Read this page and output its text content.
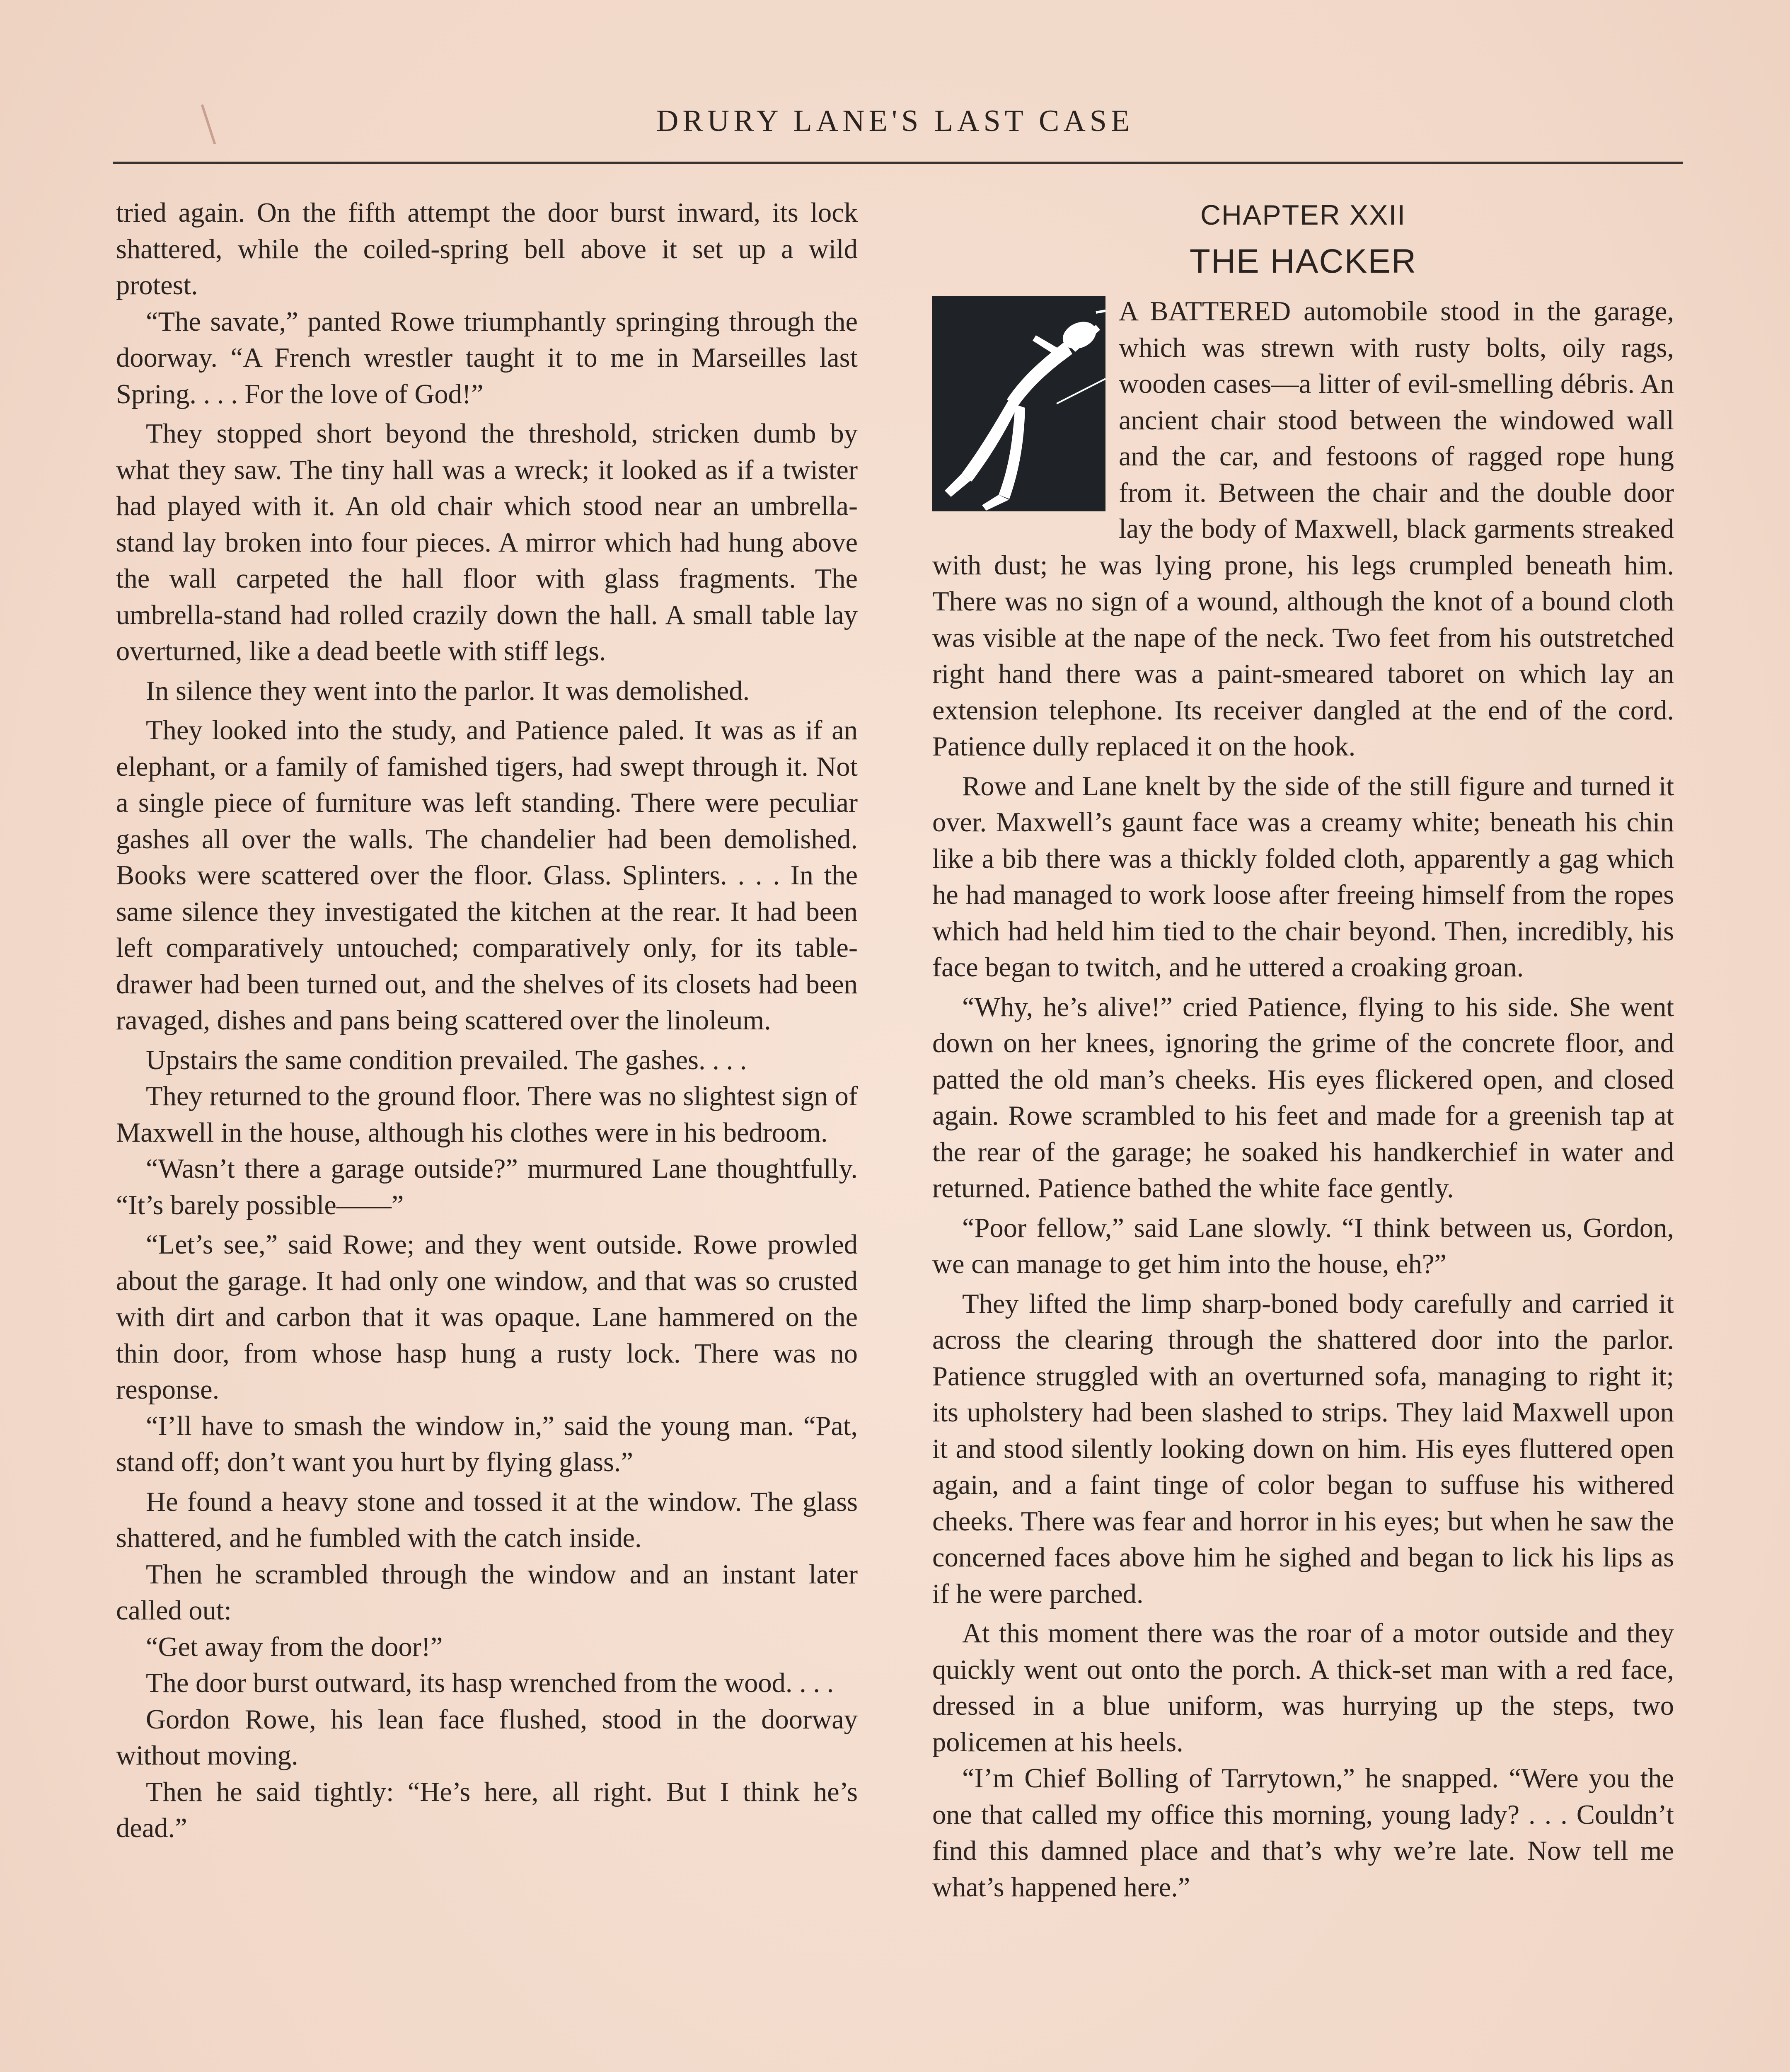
DRURY LANE'S LAST CASE

tried again. On the fifth attempt the door burst inward, its lock shattered, while the coiled-spring bell above it set up a wild protest.

“The savate,” panted Rowe triumphantly springing through the doorway. “A French wrestler taught it to me in Marseilles last Spring. . . . For the love of God!”

They stopped short beyond the threshold, stricken dumb by what they saw. The tiny hall was a wreck; it looked as if a twister had played with it. An old chair which stood near an umbrella-stand lay broken into four pieces. A mirror which had hung above the wall carpeted the hall floor with glass fragments. The umbrella-stand had rolled crazily down the hall. A small table lay overturned, like a dead beetle with stiff legs.

In silence they went into the parlor. It was demolished.

They looked into the study, and Patience paled. It was as if an elephant, or a family of famished tigers, had swept through it. Not a single piece of furniture was left standing. There were peculiar gashes all over the walls. The chandelier had been demolished. Books were scattered over the floor. Glass. Splinters. . . . In the same silence they investigated the kitchen at the rear. It had been left comparatively untouched; comparatively only, for its table-drawer had been turned out, and the shelves of its closets had been ravaged, dishes and pans being scattered over the linoleum.

Upstairs the same condition prevailed. The gashes. . . .

They returned to the ground floor. There was no slightest sign of Maxwell in the house, although his clothes were in his bedroom.

“Wasn’t there a garage outside?” murmured Lane thoughtfully. “It’s barely possible——”

“Let’s see,” said Rowe; and they went outside. Rowe prowled about the garage. It had only one window, and that was so crusted with dirt and carbon that it was opaque. Lane hammered on the thin door, from whose hasp hung a rusty lock. There was no response.

“I’ll have to smash the window in,” said the young man. “Pat, stand off; don’t want you hurt by flying glass.”

He found a heavy stone and tossed it at the window. The glass shattered, and he fumbled with the catch inside.

Then he scrambled through the window and an instant later called out:

“Get away from the door!”

The door burst outward, its hasp wrenched from the wood. . . .

Gordon Rowe, his lean face flushed, stood in the doorway without moving.

Then he said tightly: “He’s here, all right. But I think he’s dead.”

CHAPTER XXII
THE HACKER

A BATTERED automobile stood in the garage, which was strewn with rusty bolts, oily rags, wooden cases—a litter of evil-smelling débris. An ancient chair stood between the windowed wall and the car, and festoons of ragged rope hung from it. Between the chair and the double door lay the body of Maxwell, black garments streaked with dust; he was lying prone, his legs crumpled beneath him. There was no sign of a wound, although the knot of a bound cloth was visible at the nape of the neck. Two feet from his outstretched right hand there was a paint-smeared taboret on which lay an extension telephone. Its receiver dangled at the end of the cord. Patience dully replaced it on the hook.

Rowe and Lane knelt by the side of the still figure and turned it over. Maxwell’s gaunt face was a creamy white; beneath his chin like a bib there was a thickly folded cloth, apparently a gag which he had managed to work loose after freeing himself from the ropes which had held him tied to the chair beyond. Then, incredibly, his face began to twitch, and he uttered a croaking groan.

“Why, he’s alive!” cried Patience, flying to his side. She went down on her knees, ignoring the grime of the concrete floor, and patted the old man’s cheeks. His eyes flickered open, and closed again. Rowe scrambled to his feet and made for a greenish tap at the rear of the garage; he soaked his handkerchief in water and returned. Patience bathed the white face gently.

“Poor fellow,” said Lane slowly. “I think between us, Gordon, we can manage to get him into the house, eh?”

They lifted the limp sharp-boned body carefully and carried it across the clearing through the shattered door into the parlor. Patience struggled with an overturned sofa, managing to right it; its upholstery had been slashed to strips. They laid Maxwell upon it and stood silently looking down on him. His eyes fluttered open again, and a faint tinge of color began to suffuse his withered cheeks. There was fear and horror in his eyes; but when he saw the concerned faces above him he sighed and began to lick his lips as if he were parched.

At this moment there was the roar of a motor outside and they quickly went out onto the porch. A thick-set man with a red face, dressed in a blue uniform, was hurrying up the steps, two policemen at his heels.

“I’m Chief Bolling of Tarrytown,” he snapped. “Were you the one that called my office this morning, young lady? . . . Couldn’t find this damned place and that’s why we’re late. Now tell me what’s happened here.”
